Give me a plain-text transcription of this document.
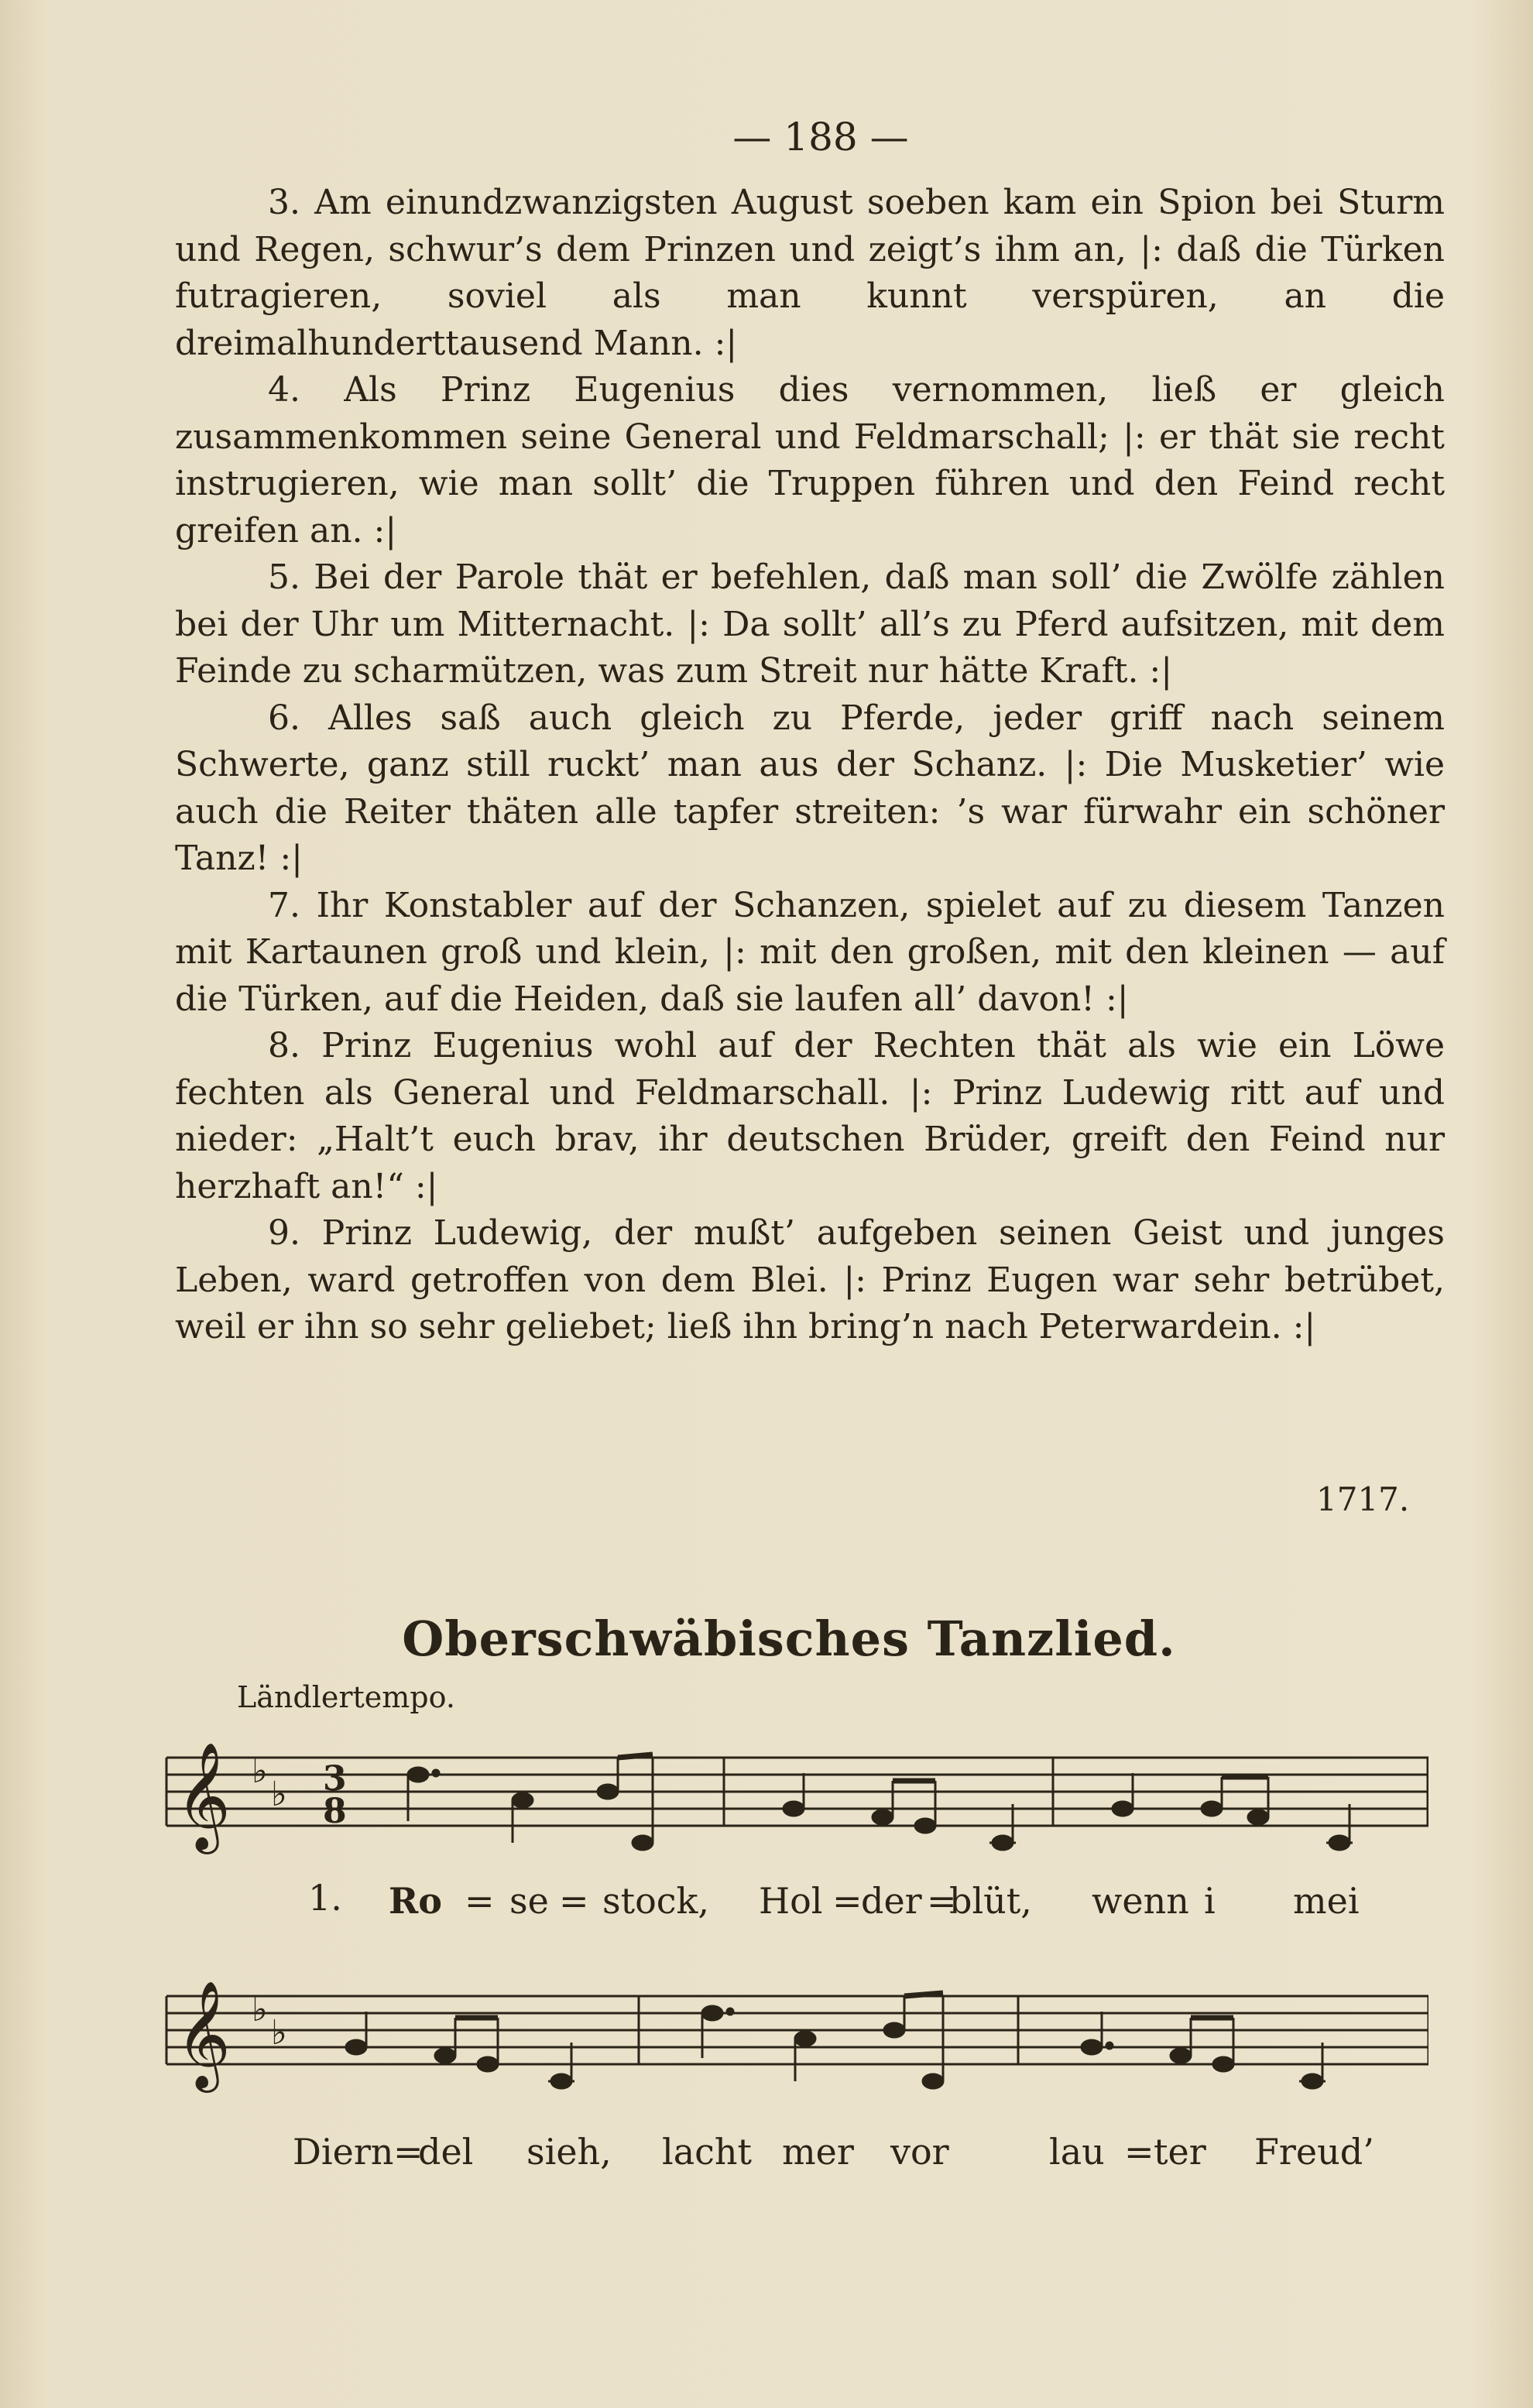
— 188 —

3. Am einundzwanzigsten August soeben kam ein Spion bei Sturm und Regen, schwur’s dem Prinzen und zeigt’s ihm an, |: daß die Türken futragieren, soviel als man kunnt verspüren, an die dreimalhunderttausend Mann. :|

4. Als Prinz Eugenius dies vernommen, ließ er gleich zusammenkommen seine General und Feldmarschall; |: er thät sie recht instrugieren, wie man sollt’ die Truppen führen und den Feind recht greifen an. :|

5. Bei der Parole thät er befehlen, daß man soll’ die Zwölfe zählen bei der Uhr um Mitternacht. |: Da sollt’ all’s zu Pferd aufsitzen, mit dem Feinde zu scharmützen, was zum Streit nur hätte Kraft. :|

6. Alles saß auch gleich zu Pferde, jeder griff nach seinem Schwerte, ganz still ruckt’ man aus der Schanz. |: Die Musketier’ wie auch die Reiter thäten alle tapfer streiten: ’s war fürwahr ein schöner Tanz! :|

7. Ihr Konstabler auf der Schanzen, spielet auf zu diesem Tanzen mit Kartaunen groß und klein, |: mit den großen, mit den kleinen — auf die Türken, auf die Heiden, daß sie laufen all’ davon! :|

8. Prinz Eugenius wohl auf der Rechten thät als wie ein Löwe fechten als General und Feldmarschall. |: Prinz Ludewig ritt auf und nieder: „Halt’t euch brav, ihr deutschen Brüder, greift den Feind nur herzhaft an!“ :|

9. Prinz Ludewig, der mußt’ aufgeben seinen Geist und junges Leben, ward getroffen von dem Blei. |: Prinz Eugen war sehr betrübet, weil er ihn so sehr geliebet; ließ ihn bring’n nach Peterwardein. :|

1717.
Oberschwäbisches Tanzlied.
Ländlertempo.
𝄞 ♭
♭ 3
8
1. Ro = se = stock, Hol =
der =
blüt, wenn i mei
𝄞 ♭
♭
Diern =
del sieh, lacht mer vor	lau = ter Freud’
